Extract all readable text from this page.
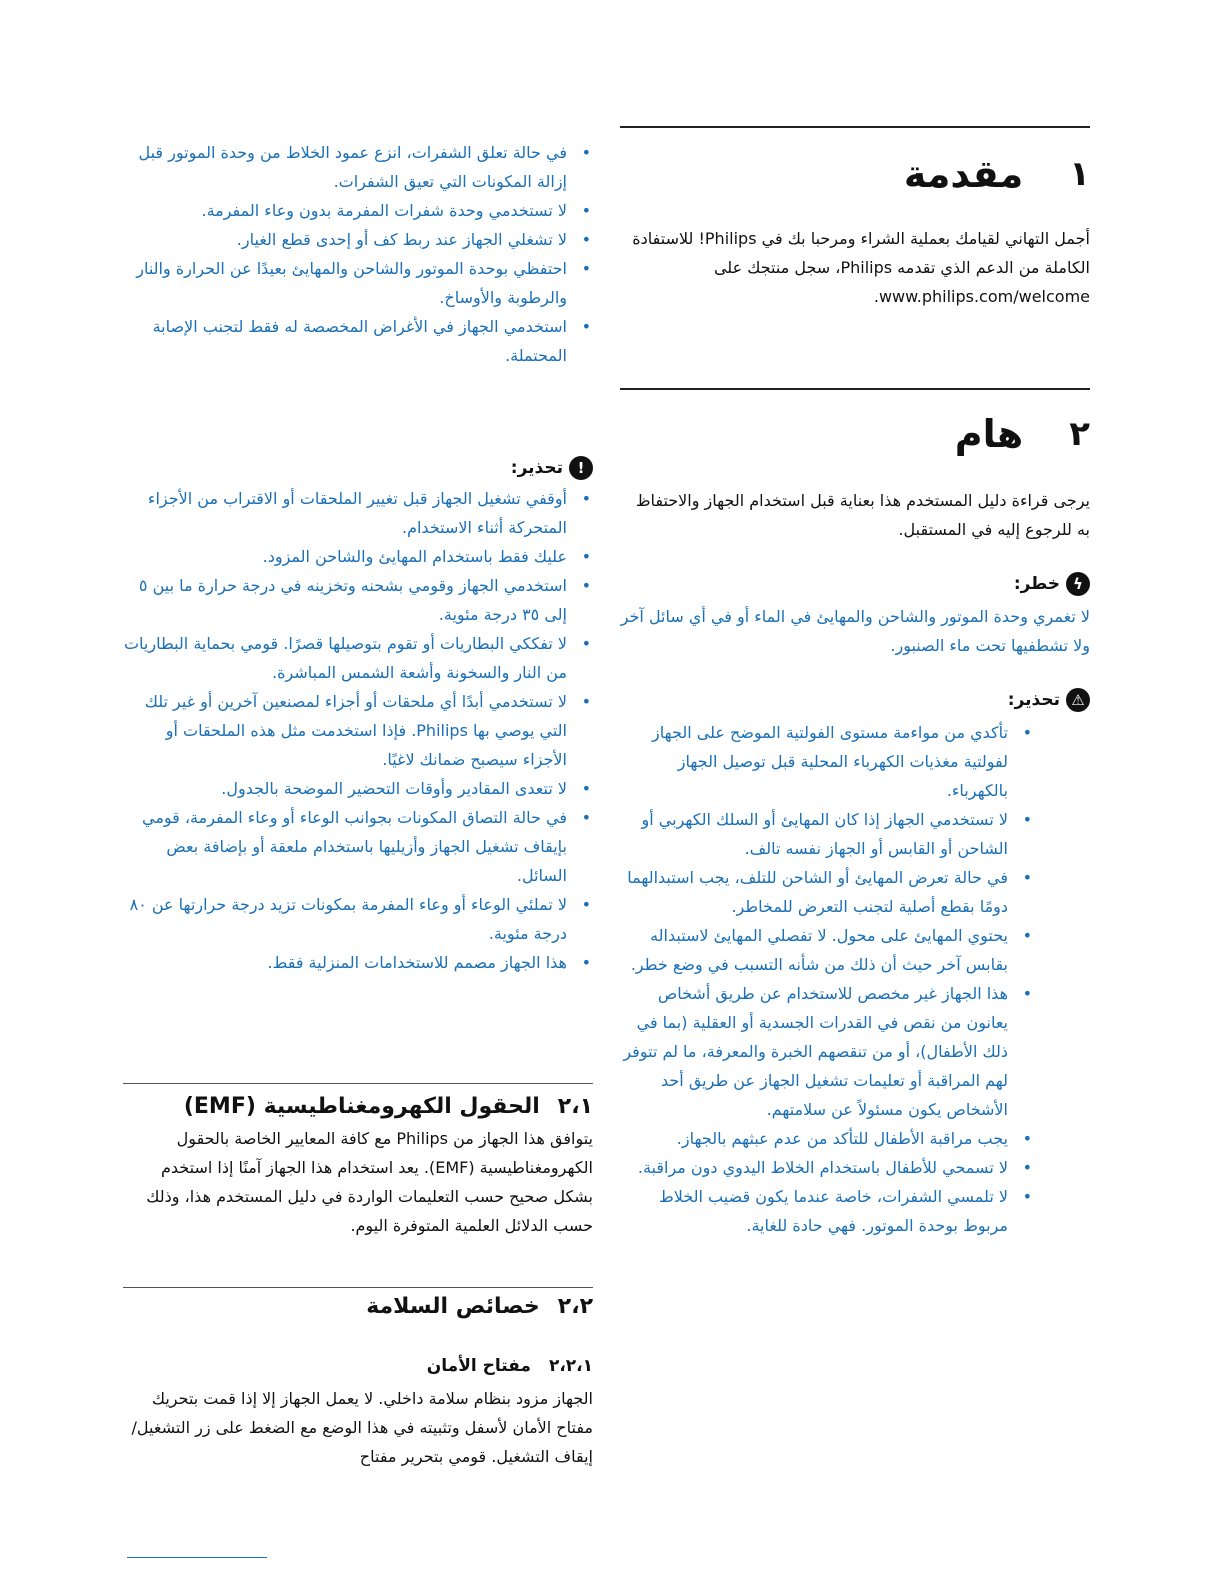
١
مقدمة

أجمل التهاني لقيامك بعملية الشراء ومرحبا بك في Philips! للاستفادة الكاملة من الدعم الذي تقدمه Philips، سجل منتجك على www.philips.com/welcome.

٢
هام

يرجى قراءة دليل المستخدم هذا بعناية قبل استخدام الجهاز والاحتفاظ به للرجوع إليه في المستقبل.

ϟ
خطر:

لا تغمري وحدة الموتور والشاحن والمهايئ في الماء أو في أي سائل آخر ولا تشطفيها تحت ماء الصنبور.

⚠
تحذير:
• تأكدي من مواءمة مستوى الفولتية الموضح على الجهاز لفولتية مغذيات الكهرباء المحلية قبل توصيل الجهاز بالكهرباء.
• لا تستخدمي الجهاز إذا كان المهايئ أو السلك الكهربي أو الشاحن أو القابس أو الجهاز نفسه تالف.
• في حالة تعرض المهايئ أو الشاحن للتلف، يجب استبدالهما دومًا بقطع أصلية لتجنب التعرض للمخاطر.
• يحتوي المهايئ على محول. لا تفصلي المهايئ لاستبداله بقابس آخر حيث أن ذلك من شأنه التسبب في وضع خطر.
• هذا الجهاز غير مخصص للاستخدام عن طريق أشخاص يعانون من نقص في القدرات الجسدية أو العقلية (بما في ذلك الأطفال)، أو من تنقصهم الخبرة والمعرفة، ما لم تتوفر لهم المراقبة أو تعليمات تشغيل الجهاز عن طريق أحد الأشخاص يكون مسئولاً عن سلامتهم.
• يجب مراقبة الأطفال للتأكد من عدم عبثهم بالجهاز.
• لا تسمحي للأطفال باستخدام الخلاط اليدوي دون مراقبة.
• لا تلمسي الشفرات، خاصة عندما يكون قضيب الخلاط مربوط بوحدة الموتور. فهي حادة للغاية.
• في حالة تعلق الشفرات، انزع عمود الخلاط من وحدة الموتور قبل إزالة المكونات التي تعيق الشفرات.
• لا تستخدمي وحدة شفرات المفرمة بدون وعاء المفرمة.
• لا تشغلي الجهاز عند ربط كف أو إحدى قطع الغيار.
• احتفظي بوحدة الموتور والشاحن والمهايئ بعيدًا عن الحرارة والنار والرطوبة والأوساخ.
• استخدمي الجهاز في الأغراض المخصصة له فقط لتجنب الإصابة المحتملة.
!
تحذير:
• أوقفي تشغيل الجهاز قبل تغيير الملحقات أو الاقتراب من الأجزاء المتحركة أثناء الاستخدام.
• عليك فقط باستخدام المهايئ والشاحن المزود.
• استخدمي الجهاز وقومي بشحنه وتخزينه في درجة حرارة ما بين ٥ إلى ٣٥ درجة مئوية.
• لا تفككي البطاريات أو تقوم بتوصيلها قصرًا. قومي بحماية البطاريات من النار والسخونة وأشعة الشمس المباشرة.
• لا تستخدمي أبدًا أي ملحقات أو أجزاء لمصنعين آخرين أو غير تلك التي يوصي بها Philips. فإذا استخدمت مثل هذه الملحقات أو الأجزاء سيصبح ضمانك لاغيًا.
• لا تتعدى المقادير وأوقات التحضير الموضحة بالجدول.
• في حالة التصاق المكونات بجوانب الوعاء أو وعاء المفرمة، قومي بإيقاف تشغيل الجهاز وأزيليها باستخدام ملعقة أو بإضافة بعض السائل.
• لا تملئي الوعاء أو وعاء المفرمة بمكونات تزيد درجة حرارتها عن ٨٠ درجة مئوية.
• هذا الجهاز مصمم للاستخدامات المنزلية فقط.
٢،١
الحقول الكهرومغناطيسية (EMF)

يتوافق هذا الجهاز من Philips مع كافة المعايير الخاصة بالحقول الكهرومغناطيسية (EMF). يعد استخدام هذا الجهاز آمنًا إذا استخدم بشكل صحيح حسب التعليمات الواردة في دليل المستخدم هذا، وذلك حسب الدلائل العلمية المتوفرة اليوم.

٢،٢
خصائص السلامة
٢،٢،١
مفتاح الأمان

الجهاز مزود بنظام سلامة داخلي. لا يعمل الجهاز إلا إذا قمت بتحريك مفتاح الأمان لأسفل وتثبيته في هذا الوضع مع الضغط على زر التشغيل/إيقاف التشغيل. قومي بتحرير مفتاح
